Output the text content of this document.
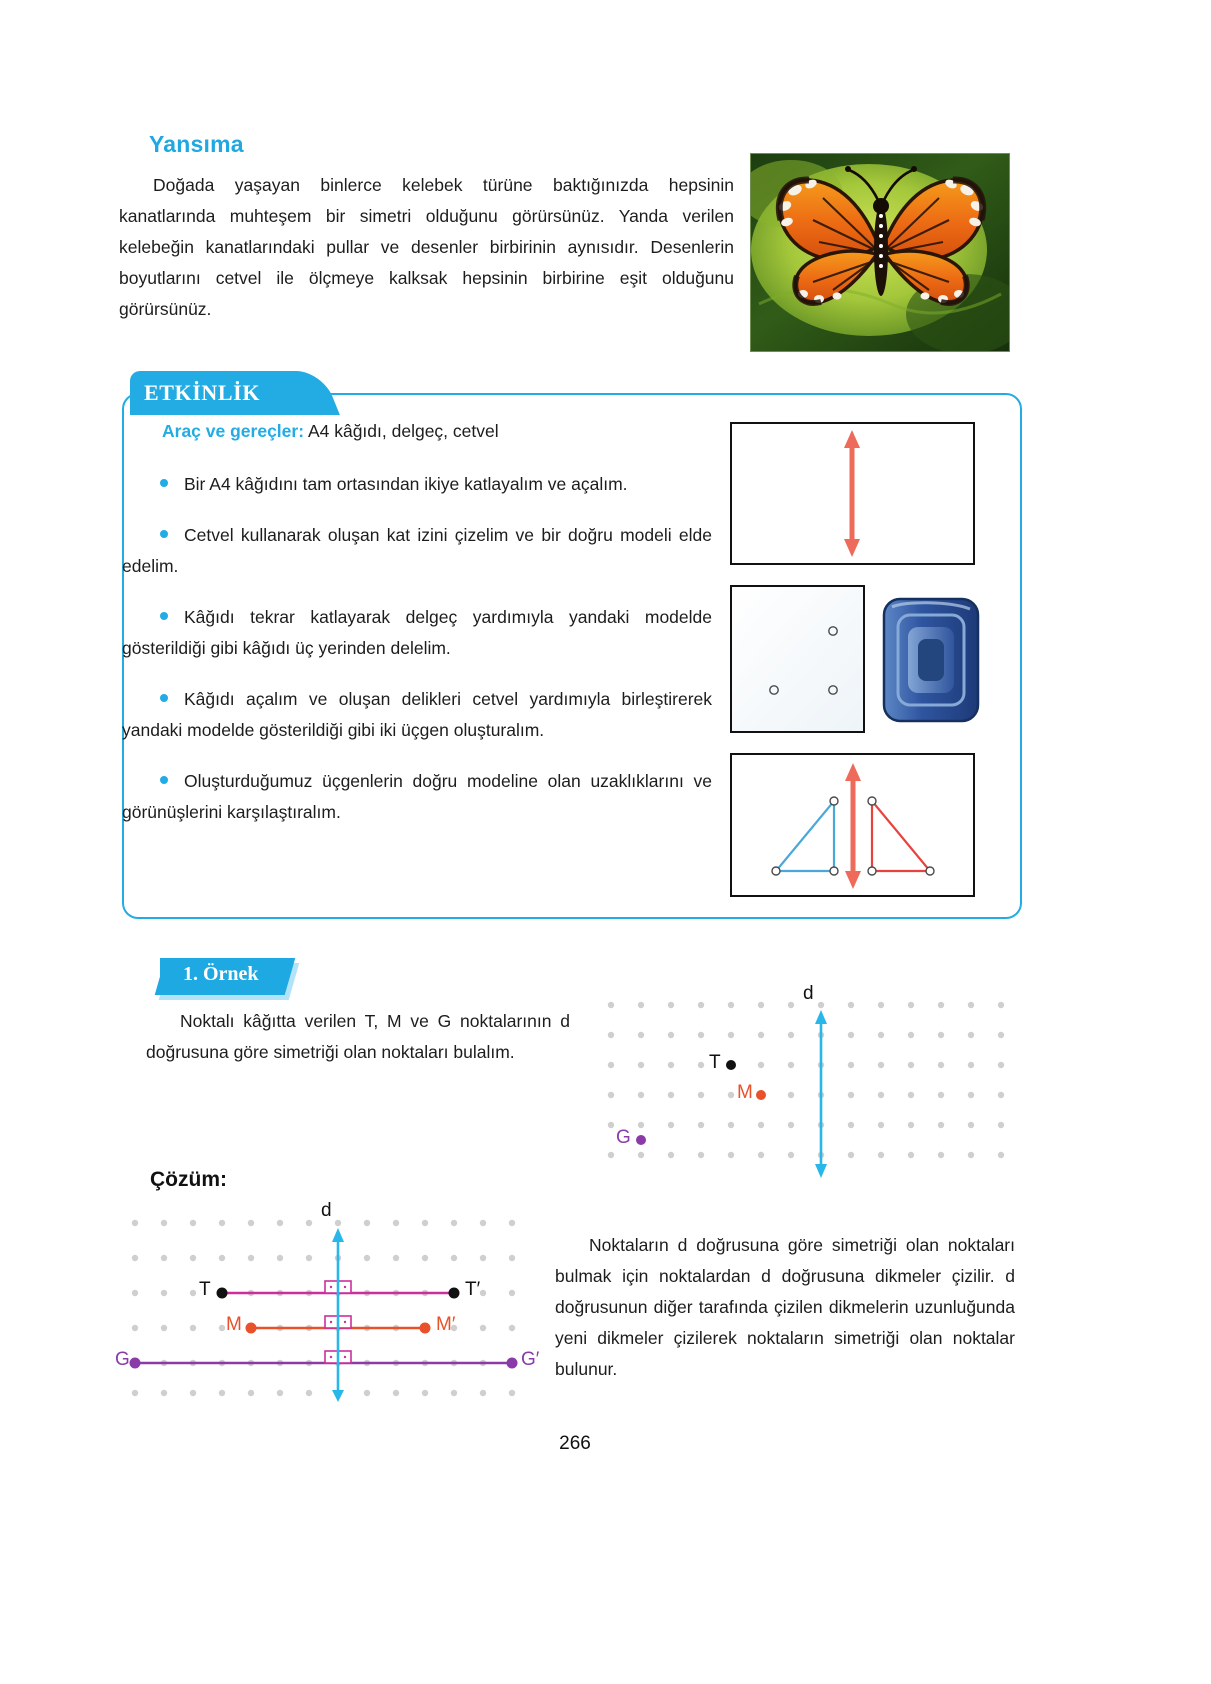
Yansıma
Doğada yaşayan binlerce kelebek türüne baktığınızda hepsinin kanatlarında muhteşem bir simetri olduğunu görürsünüz. Yanda verilen kelebeğin kanatlarındaki pullar ve desenler birbirinin aynısıdır. Desenlerin boyutlarını cetvel ile ölçmeye kalksak hepsinin birbirine eşit olduğunu görürsünüz.
ETKİNLİK
Araç ve gereçler: A4 kâğıdı, delgeç, cetvel
Bir A4 kâğıdını tam ortasından ikiye katlayalım ve açalım.
Cetvel kullanarak oluşan kat izini çizelim ve bir doğru modeli elde edelim.
Kâğıdı tekrar katlayarak delgeç yardımıyla yandaki modelde gösterildiği gibi kâğıdı üç yerinden delelim.
Kâğıdı açalım ve oluşan delikleri cetvel yardımıyla birleştirerek yandaki modelde gösterildiği gibi iki üçgen oluşturalım.
Oluşturduğumuz üçgenlerin doğru modeline olan uzaklıklarını ve görünüşlerini karşılaştıralım.
1. Örnek
Noktalı kâğıtta verilen T, M ve G noktalarının d doğrusuna göre simetriği olan noktaları bulalım.
d
T
M
G
Çözüm:
d
T	T′
M	M′
G	G′
Noktaların d doğrusuna göre simetriği olan noktaları bulmak için noktalardan d doğrusuna dikmeler çizilir. d doğrusunun diğer tarafında çizilen dikmelerin uzunluğunda yeni dikmeler çizilerek noktaların simetriği olan noktalar bulunur.
266
